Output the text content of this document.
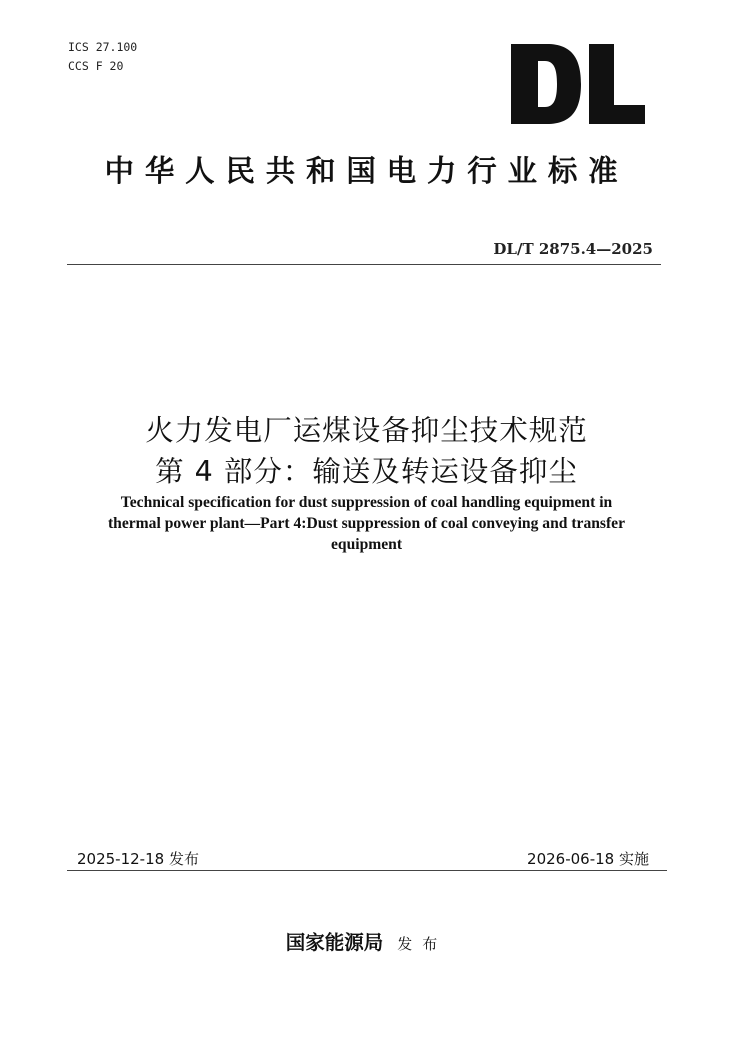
ICS 27.100
CCS F 20
中华人民共和国电力行业标准
DL/T 2875.4—2025
火力发电厂运煤设备抑尘技术规范
第 4 部分：输送及转运设备抑尘
Technical specification for dust suppression of coal handling equipment in
thermal power plant—Part 4:Dust suppression of coal conveying and transfer
equipment
2025-12-18 发布	2026-06-18 实施
国家能源局 发布
